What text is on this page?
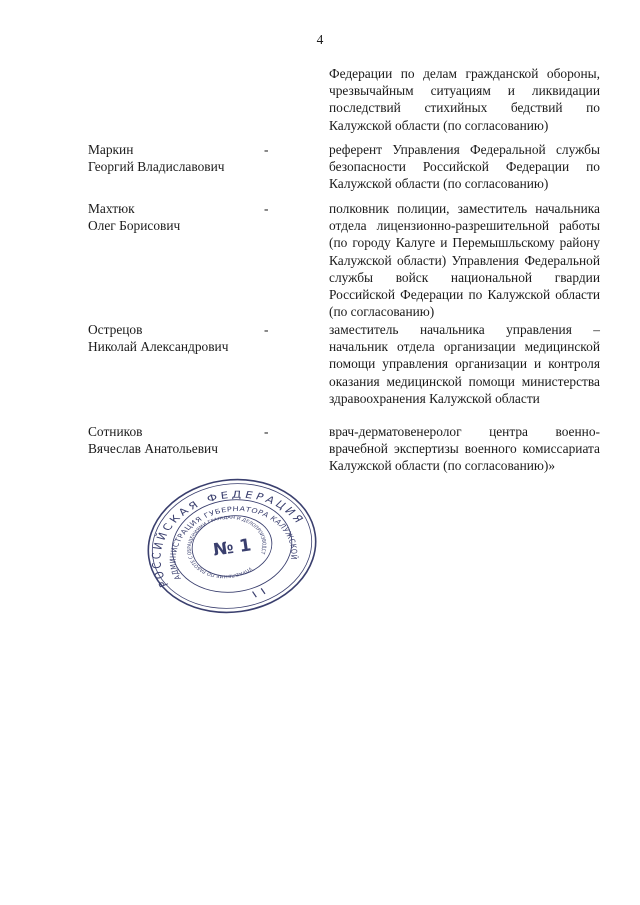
4

Федерации по делам гражданской обороны, чрезвычайным ситуациям и ликвидации последствий стихийных бедствий по Калужской области (по согласованию)

Маркин
Георгий Владиславович

-	референт Управления Федеральной службы безопасности Российской Федерации по Калужской области (по согласованию)

Махтюк
Олег Борисович

-	полковник полиции, заместитель начальника отдела лицензионно-разрешительной работы (по городу Калуге и Перемышльскому району Калужской области) Управления Федеральной службы войск национальной гвардии Российской Федерации по Калужской области (по согласованию)

Острецов
Николай Александрович

-	заместитель начальника управления – начальник отдела организации медицинской помощи управления организации и контроля оказания медицинской помощи министерства здравоохранения Калужской области

Сотников
Вячеслав Анатольевич

-	врач-дерматовенеролог центра военно-врачебной экспертизы военного комиссариата Калужской области (по согласованию)»

РОССИЙСКАЯ ФЕДЕРАЦИЯ
АДМИНИСТРАЦИЯ ГУБЕРНАТОРА КАЛУЖСКОЙ
УПРАВЛЕНИЕ ПО РАБОТЕ С ОБРАЩЕНИЯМИ ГРАЖДАН И ДЕЛОПРОИЗВОДСТВУ
№ 1
